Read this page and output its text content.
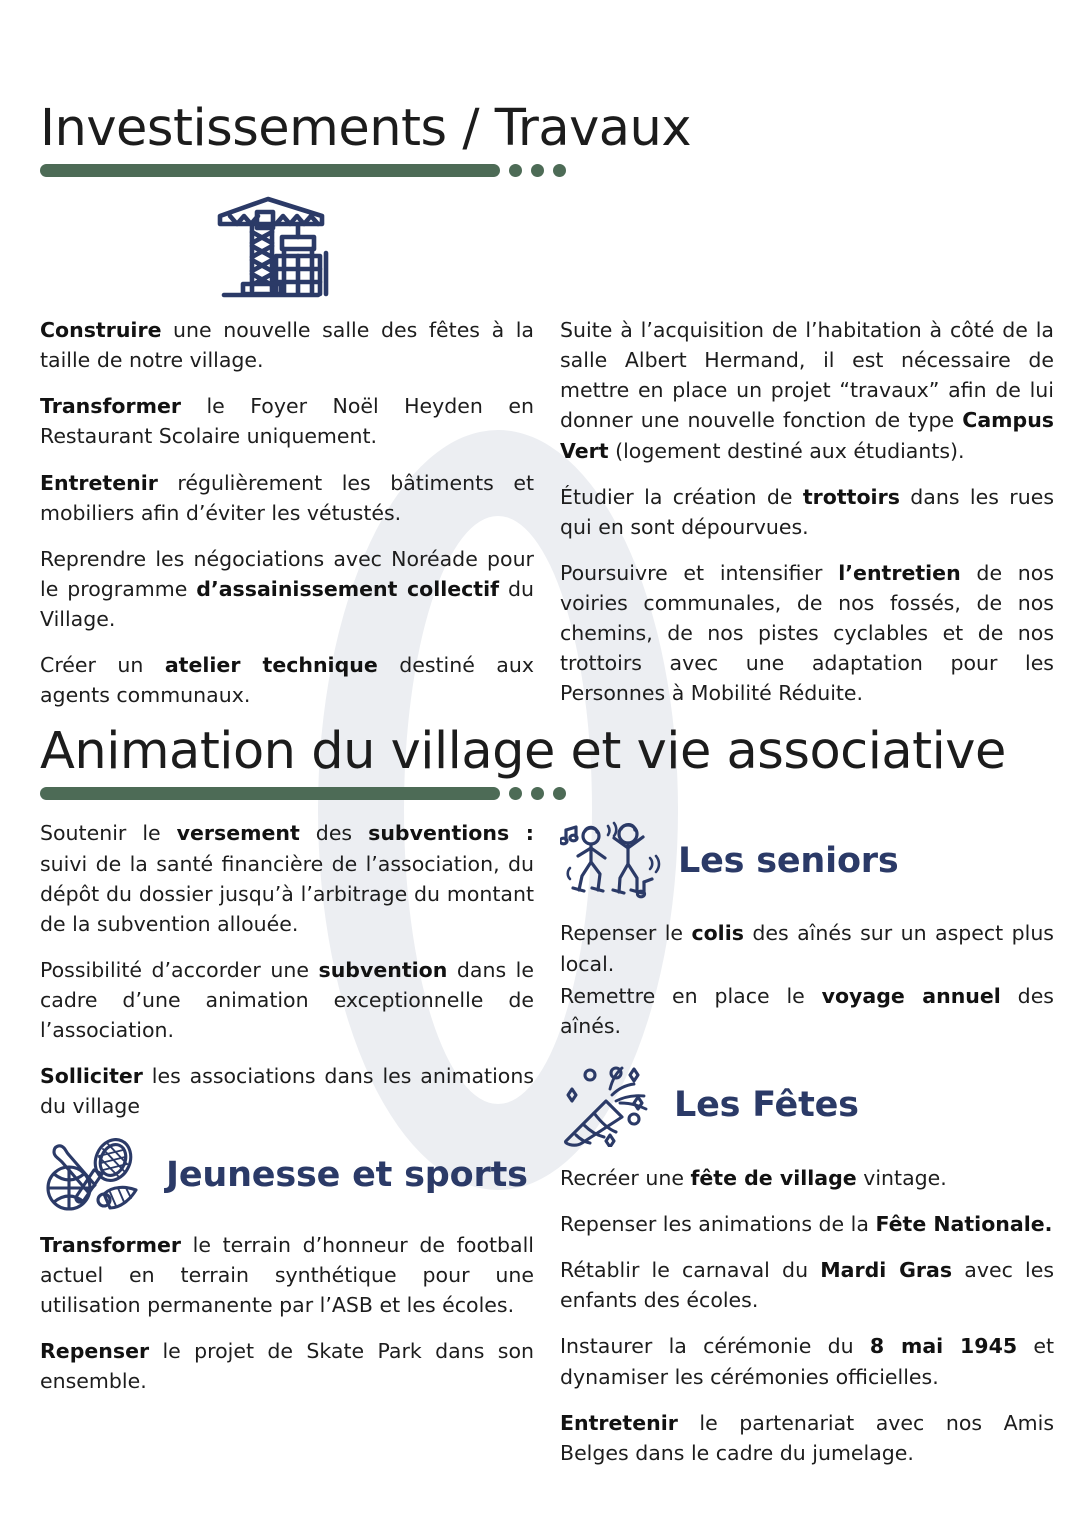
Investissements / Travaux

Construire une nouvelle salle des fêtes à la taille de notre village.

Transformer le Foyer Noël Heyden en Restaurant Scolaire uniquement.

Entretenir régulièrement les bâtiments et mobiliers afin d’éviter les vétustés.

Reprendre les négociations avec Noréade pour le programme d’assainissement collectif du Village.

Créer un atelier technique destiné aux agents communaux.

Suite à l’acquisition de l’habitation à côté de la salle Albert Hermand, il est nécessaire de mettre en place un projet “travaux” afin de lui donner une nouvelle fonction de type Campus Vert (logement destiné aux étudiants).

Étudier la création de trottoirs dans les rues qui en sont dépourvues.

Poursuivre et intensifier l’entretien de nos voiries communales, de nos fossés, de nos chemins, de nos pistes cyclables et de nos trottoirs avec une adaptation pour les Personnes à Mobilité Réduite.

Animation du village et vie associative

Soutenir le versement des subventions : suivi de la santé financière de l’association, du dépôt du dossier jusqu’à l’arbitrage du montant de la subvention allouée.

Possibilité d’accorder une subvention dans le cadre d’une animation exceptionnelle de l’association.

Solliciter les associations dans les animations du village

Jeunesse et sports

Transformer le terrain d’honneur de football actuel en terrain synthétique pour une utilisation permanente par l’ASB et les écoles.

Repenser le projet de Skate Park dans son ensemble.

Les seniors

Repenser le colis des aînés sur un aspect plus local.

Remettre en place le voyage annuel des aînés.

Les Fêtes

Recréer une fête de village vintage.

Repenser les animations de la Fête Nationale.

Rétablir le carnaval du Mardi Gras avec les enfants des écoles.

Instaurer la cérémonie du 8 mai 1945 et dynamiser les cérémonies officielles.

Entretenir le partenariat avec nos Amis Belges dans le cadre du jumelage.
